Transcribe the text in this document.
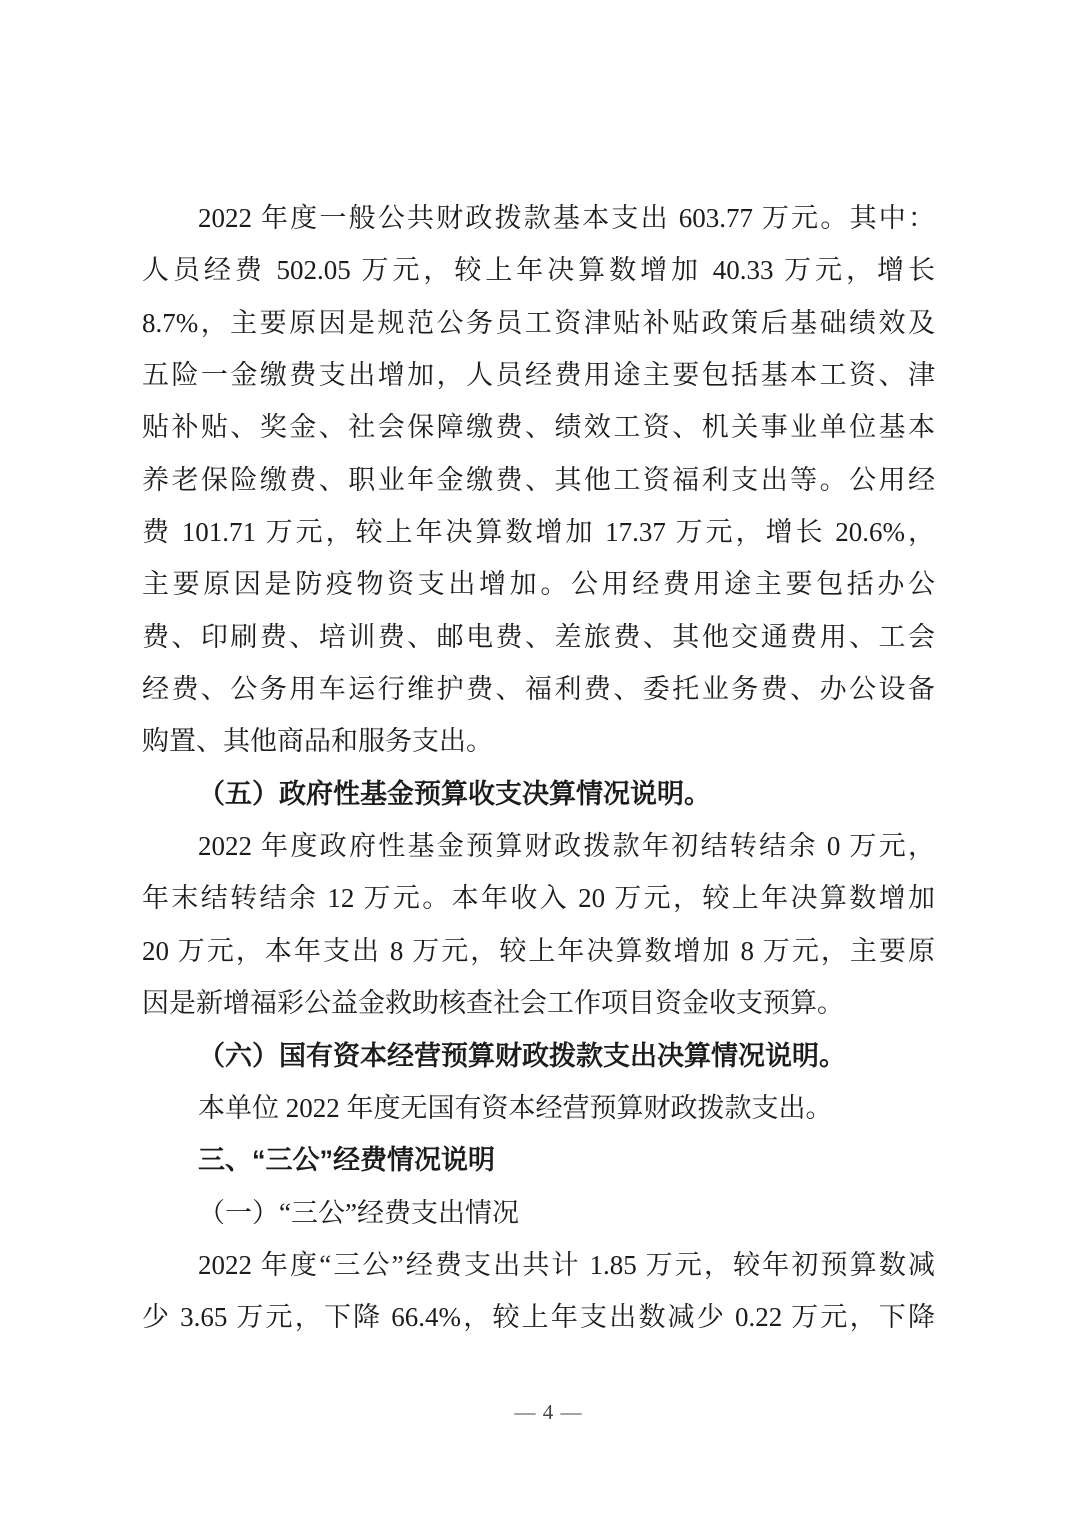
2022 年度一般公共财政拨款基本支出 603.77 万元。其中：
人员经费 502.05 万元，较上年决算数增加 40.33 万元，增长
8.7%，主要原因是规范公务员工资津贴补贴政策后基础绩效及
五险一金缴费支出增加，人员经费用途主要包括基本工资、津
贴补贴、奖金、社会保障缴费、绩效工资、机关事业单位基本
养老保险缴费、职业年金缴费、其他工资福利支出等。公用经
费 101.71 万元，较上年决算数增加 17.37 万元，增长 20.6%，
主要原因是防疫物资支出增加。公用经费用途主要包括办公
费、印刷费、培训费、邮电费、差旅费、其他交通费用、工会
经费、公务用车运行维护费、福利费、委托业务费、办公设备
购置、其他商品和服务支出。
（五）政府性基金预算收支决算情况说明。
2022 年度政府性基金预算财政拨款年初结转结余 0 万元，
年末结转结余 12 万元。本年收入 20 万元，较上年决算数增加
20 万元，本年支出 8 万元，较上年决算数增加 8 万元，主要原
因是新增福彩公益金救助核查社会工作项目资金收支预算。
（六）国有资本经营预算财政拨款支出决算情况说明。
本单位 2022 年度无国有资本经营预算财政拨款支出。
三、“三公”经费情况说明
（一）“三公”经费支出情况
2022 年度“三公”经费支出共计 1.85 万元，较年初预算数减
少 3.65 万元，下降 66.4%，较上年支出数减少 0.22 万元，下降
— 4 —
